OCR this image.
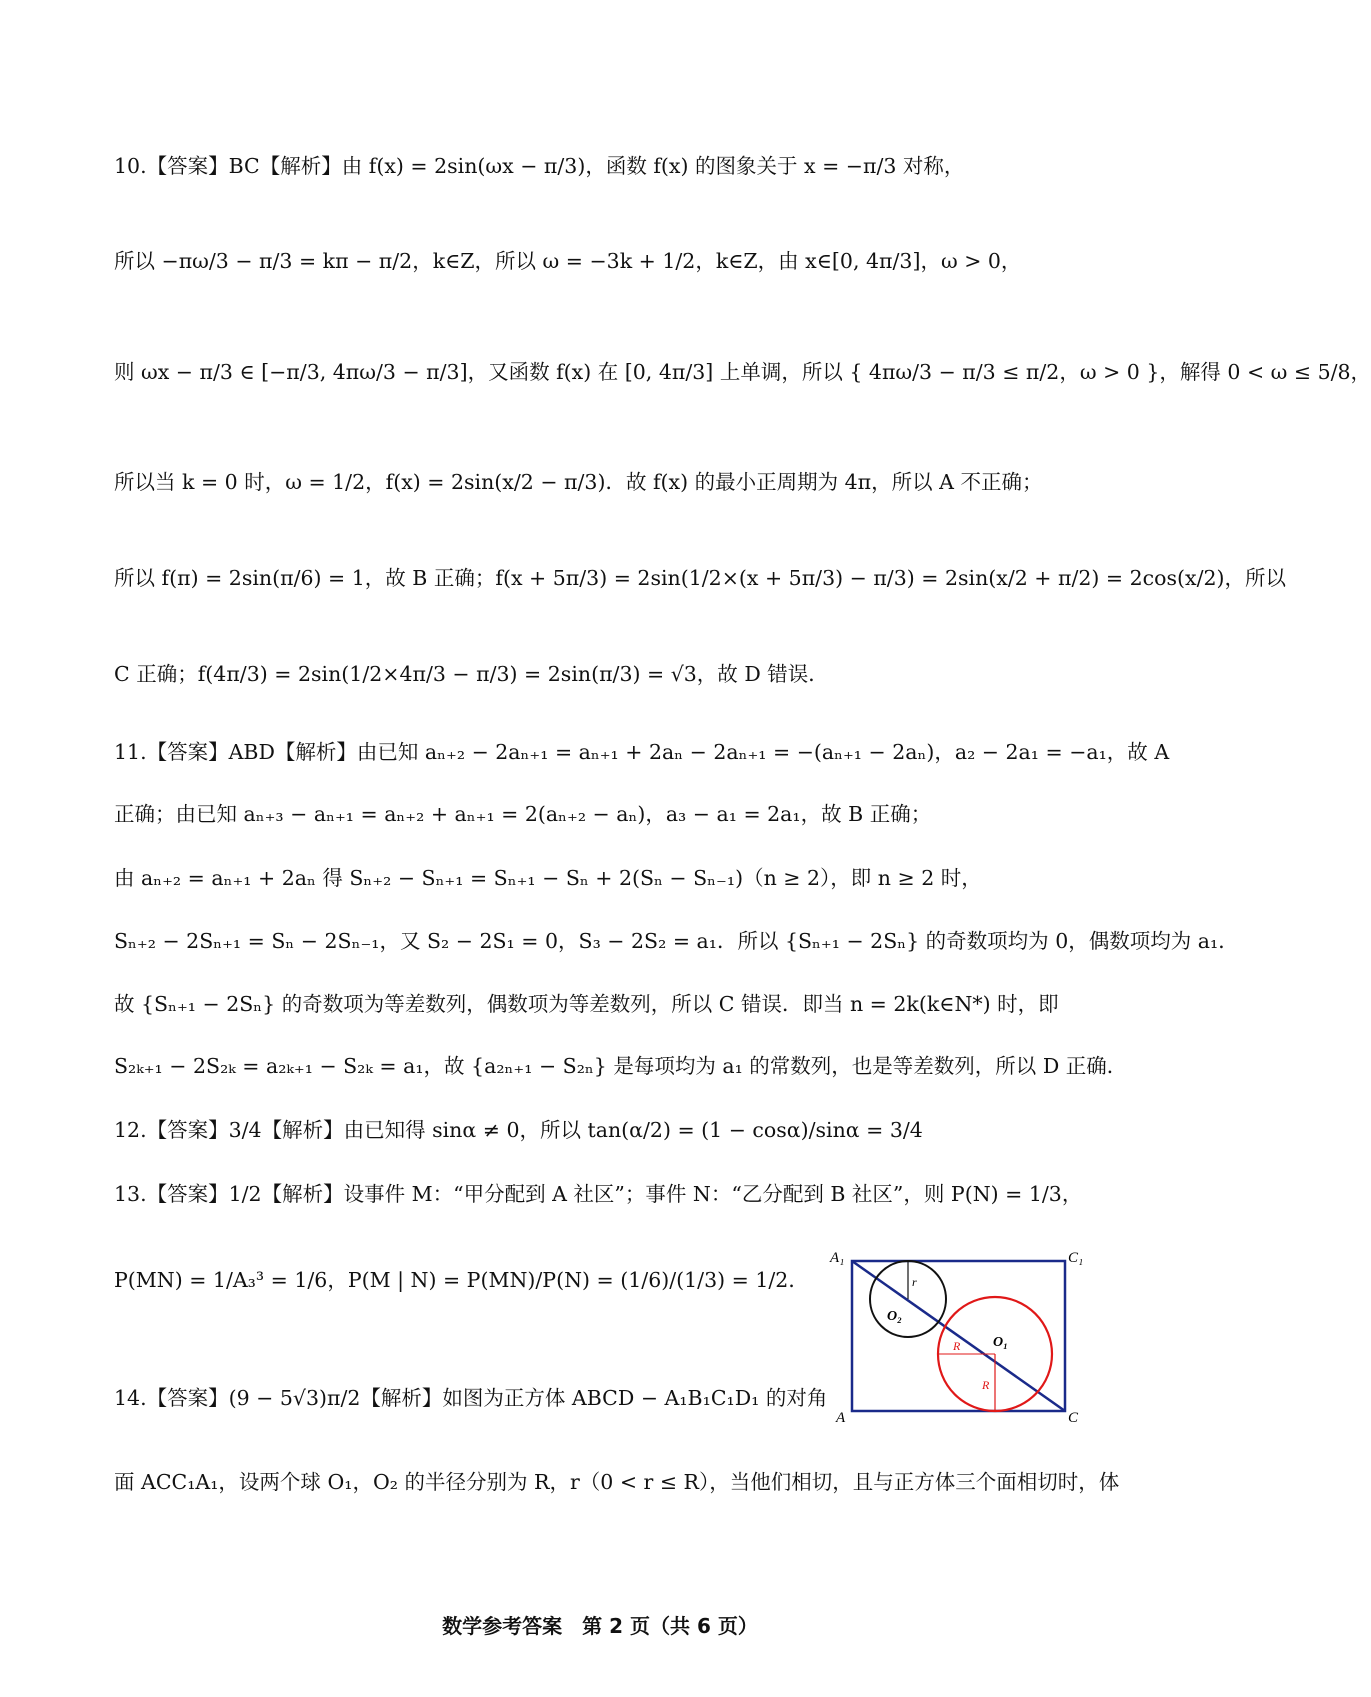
10.【答案】BC【解析】由 f(x) = 2sin(ωx − π/3)，函数 f(x) 的图象关于 x = −π/3 对称，
所以 −πω/3 − π/3 = kπ − π/2，k∈Z，所以 ω = −3k + 1/2，k∈Z，由 x∈[0, 4π/3]，ω > 0，
则 ωx − π/3 ∈ [−π/3, 4πω/3 − π/3]，又函数 f(x) 在 [0, 4π/3] 上单调，所以 { 4πω/3 − π/3 ≤ π/2，ω > 0 }，解得 0 < ω ≤ 5/8，
所以当 k = 0 时，ω = 1/2，f(x) = 2sin(x/2 − π/3)．故 f(x) 的最小正周期为 4π，所以 A 不正确；
所以 f(π) = 2sin(π/6) = 1，故 B 正确；f(x + 5π/3) = 2sin(1/2×(x + 5π/3) − π/3) = 2sin(x/2 + π/2) = 2cos(x/2)，所以
C 正确；f(4π/3) = 2sin(1/2×4π/3 − π/3) = 2sin(π/3) = √3，故 D 错误．
11.【答案】ABD【解析】由已知 aₙ₊₂ − 2aₙ₊₁ = aₙ₊₁ + 2aₙ − 2aₙ₊₁ = −(aₙ₊₁ − 2aₙ)，a₂ − 2a₁ = −a₁，故 A
正确；由已知 aₙ₊₃ − aₙ₊₁ = aₙ₊₂ + aₙ₊₁ = 2(aₙ₊₂ − aₙ)，a₃ − a₁ = 2a₁，故 B 正确；
由 aₙ₊₂ = aₙ₊₁ + 2aₙ 得 Sₙ₊₂ − Sₙ₊₁ = Sₙ₊₁ − Sₙ + 2(Sₙ − Sₙ₋₁)（n ≥ 2），即 n ≥ 2 时，
Sₙ₊₂ − 2Sₙ₊₁ = Sₙ − 2Sₙ₋₁，又 S₂ − 2S₁ = 0，S₃ − 2S₂ = a₁．所以 {Sₙ₊₁ − 2Sₙ} 的奇数项均为 0，偶数项均为 a₁．
故 {Sₙ₊₁ − 2Sₙ} 的奇数项为等差数列，偶数项为等差数列，所以 C 错误．即当 n = 2k(k∈N*) 时，即
S₂ₖ₊₁ − 2S₂ₖ = a₂ₖ₊₁ − S₂ₖ = a₁，故 {a₂ₙ₊₁ − S₂ₙ} 是每项均为 a₁ 的常数列，也是等差数列，所以 D 正确．
12.【答案】3/4【解析】由已知得 sinα ≠ 0，所以 tan(α/2) = (1 − cosα)/sinα = 3/4
13.【答案】1/2【解析】设事件 M：“甲分配到 A 社区”；事件 N：“乙分配到 B 社区”，则 P(N) = 1/3，
P(MN) = 1/A₃³ = 1/6，P(M | N) = P(MN)/P(N) = (1/6)/(1/3) = 1/2．
14.【答案】(9 − 5√3)π/2【解析】如图为正方体 ABCD − A₁B₁C₁D₁ 的对角
面 ACC₁A₁，设两个球 O₁，O₂ 的半径分别为 R，r（0 < r ≤ R），当他们相切，且与正方体三个面相切时，体
A₁	C₁
A	C
O₂
O₁
r
R
R
数学参考答案　第 2 页（共 6 页）
